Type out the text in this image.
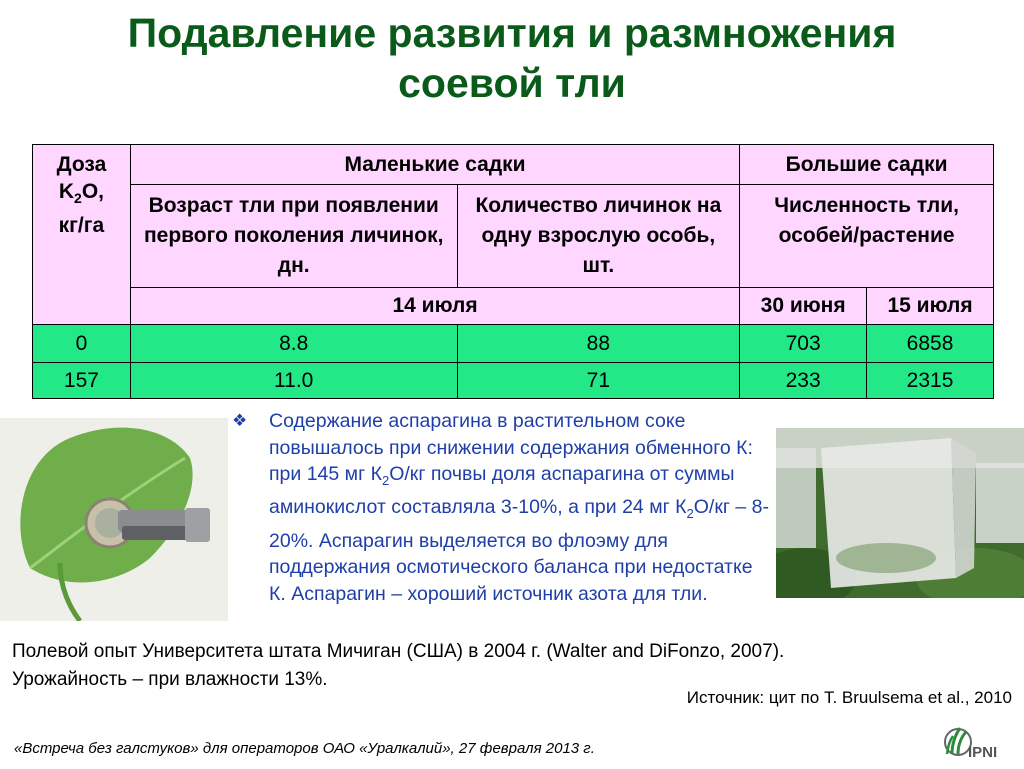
Подавление развития и размножения
соевой тли
Доза
$K_2O$,
кг/га	Маленькие садки		Большие садки	
	Возраст тли при появлении первого поколения личинок, дн.	Количество личинок на одну взрослую особь, шт.	Численность тли, особей/растение	
	14 июля		30 июня	15 июля
0	8.8	88	703	6858
157	11.0	71	233	2315
❖	Содержание аспарагина в растительном соке повышалось при снижении содержания обменного К: при 145 мг $К_2О/кг$ почвы доля аспарагина от суммы аминокислот составляла 3-10%, а при 24 мг $К_2О/кг - 8-20\%$. Аспарагин выделяется во флоэму для поддержания осмотического баланса при недостатке К. Аспарагин – хороший источник азота для тли.
Полевой опыт Университета штата Мичиган (США) в 2004 г. (Walter and DiFonzo, 2007).
Урожайность – при влажности 13%.
Источник: цит по T. Bruulsema et al., 2010
«Встреча без галстуков» для операторов ОАО «Уралкалий», 27 февраля 2013 г.	IPNI
